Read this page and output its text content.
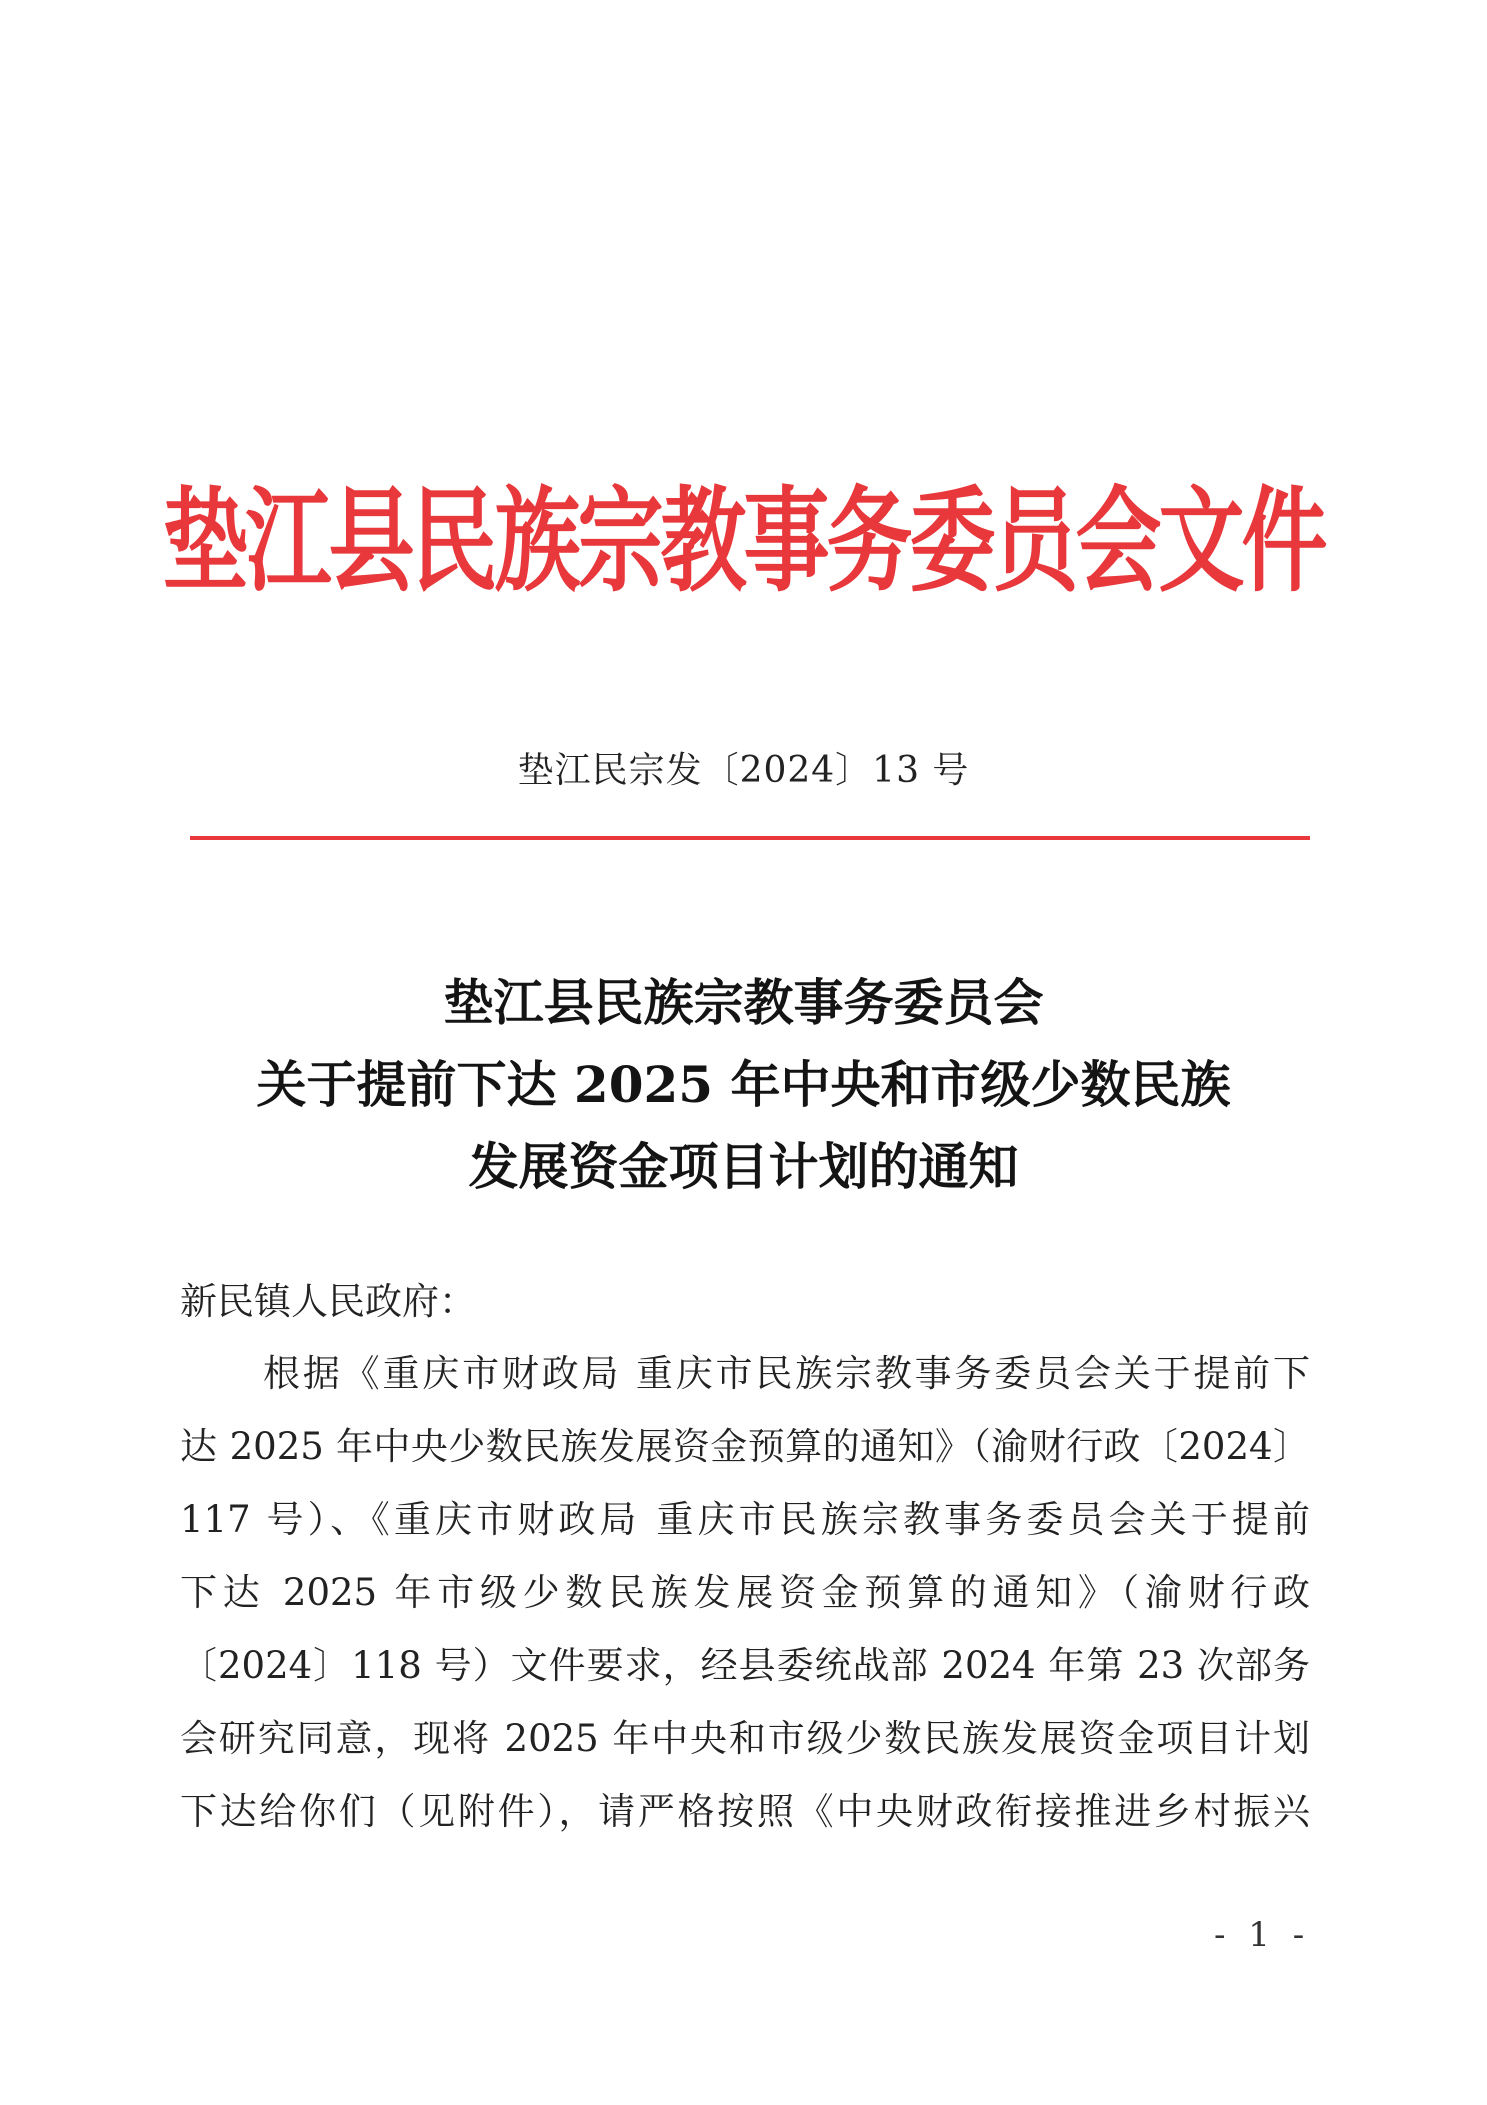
垫江县民族宗教事务委员会文件
垫江民宗发〔2024〕13 号
垫江县民族宗教事务委员会
关于提前下达 2025 年中央和市级少数民族
发展资金项目计划的通知

新民镇人民政府：

根据《重庆市财政局 重庆市民族宗教事务委员会关于提前下
达 2025 年中央少数民族发展资金预算的通知》（渝财行政〔2024〕
117 号）、《重庆市财政局 重庆市民族宗教事务委员会关于提前
下达 2025 年市级少数民族发展资金预算的通知》（渝财行政
〔2024〕118 号）文件要求，经县委统战部 2024 年第 23 次部务
会研究同意，现将 2025 年中央和市级少数民族发展资金项目计划
下达给你们（见附件），请严格按照《中央财政衔接推进乡村振兴
- 1 -
